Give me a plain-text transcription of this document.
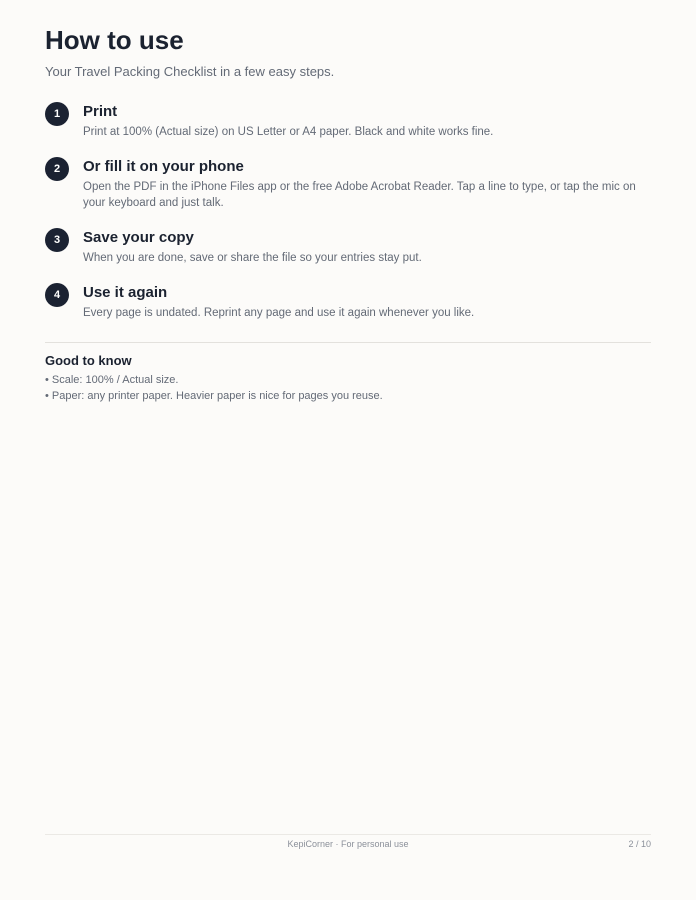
How to use
Your Travel Packing Checklist in a few easy steps.
1	Print
Print at 100% (Actual size) on US Letter or A4 paper. Black and white works fine.
2	Or fill it on your phone
Open the PDF in the iPhone Files app or the free Adobe Acrobat Reader. Tap a line to type, or tap the mic on your keyboard and just talk.
3	Save your copy
When you are done, save or share the file so your entries stay put.
4	Use it again
Every page is undated. Reprint any page and use it again whenever you like.
Good to know
• Scale: 100% / Actual size.
• Paper: any printer paper. Heavier paper is nice for pages you reuse.
KepiCorner · For personal use	2 / 10
